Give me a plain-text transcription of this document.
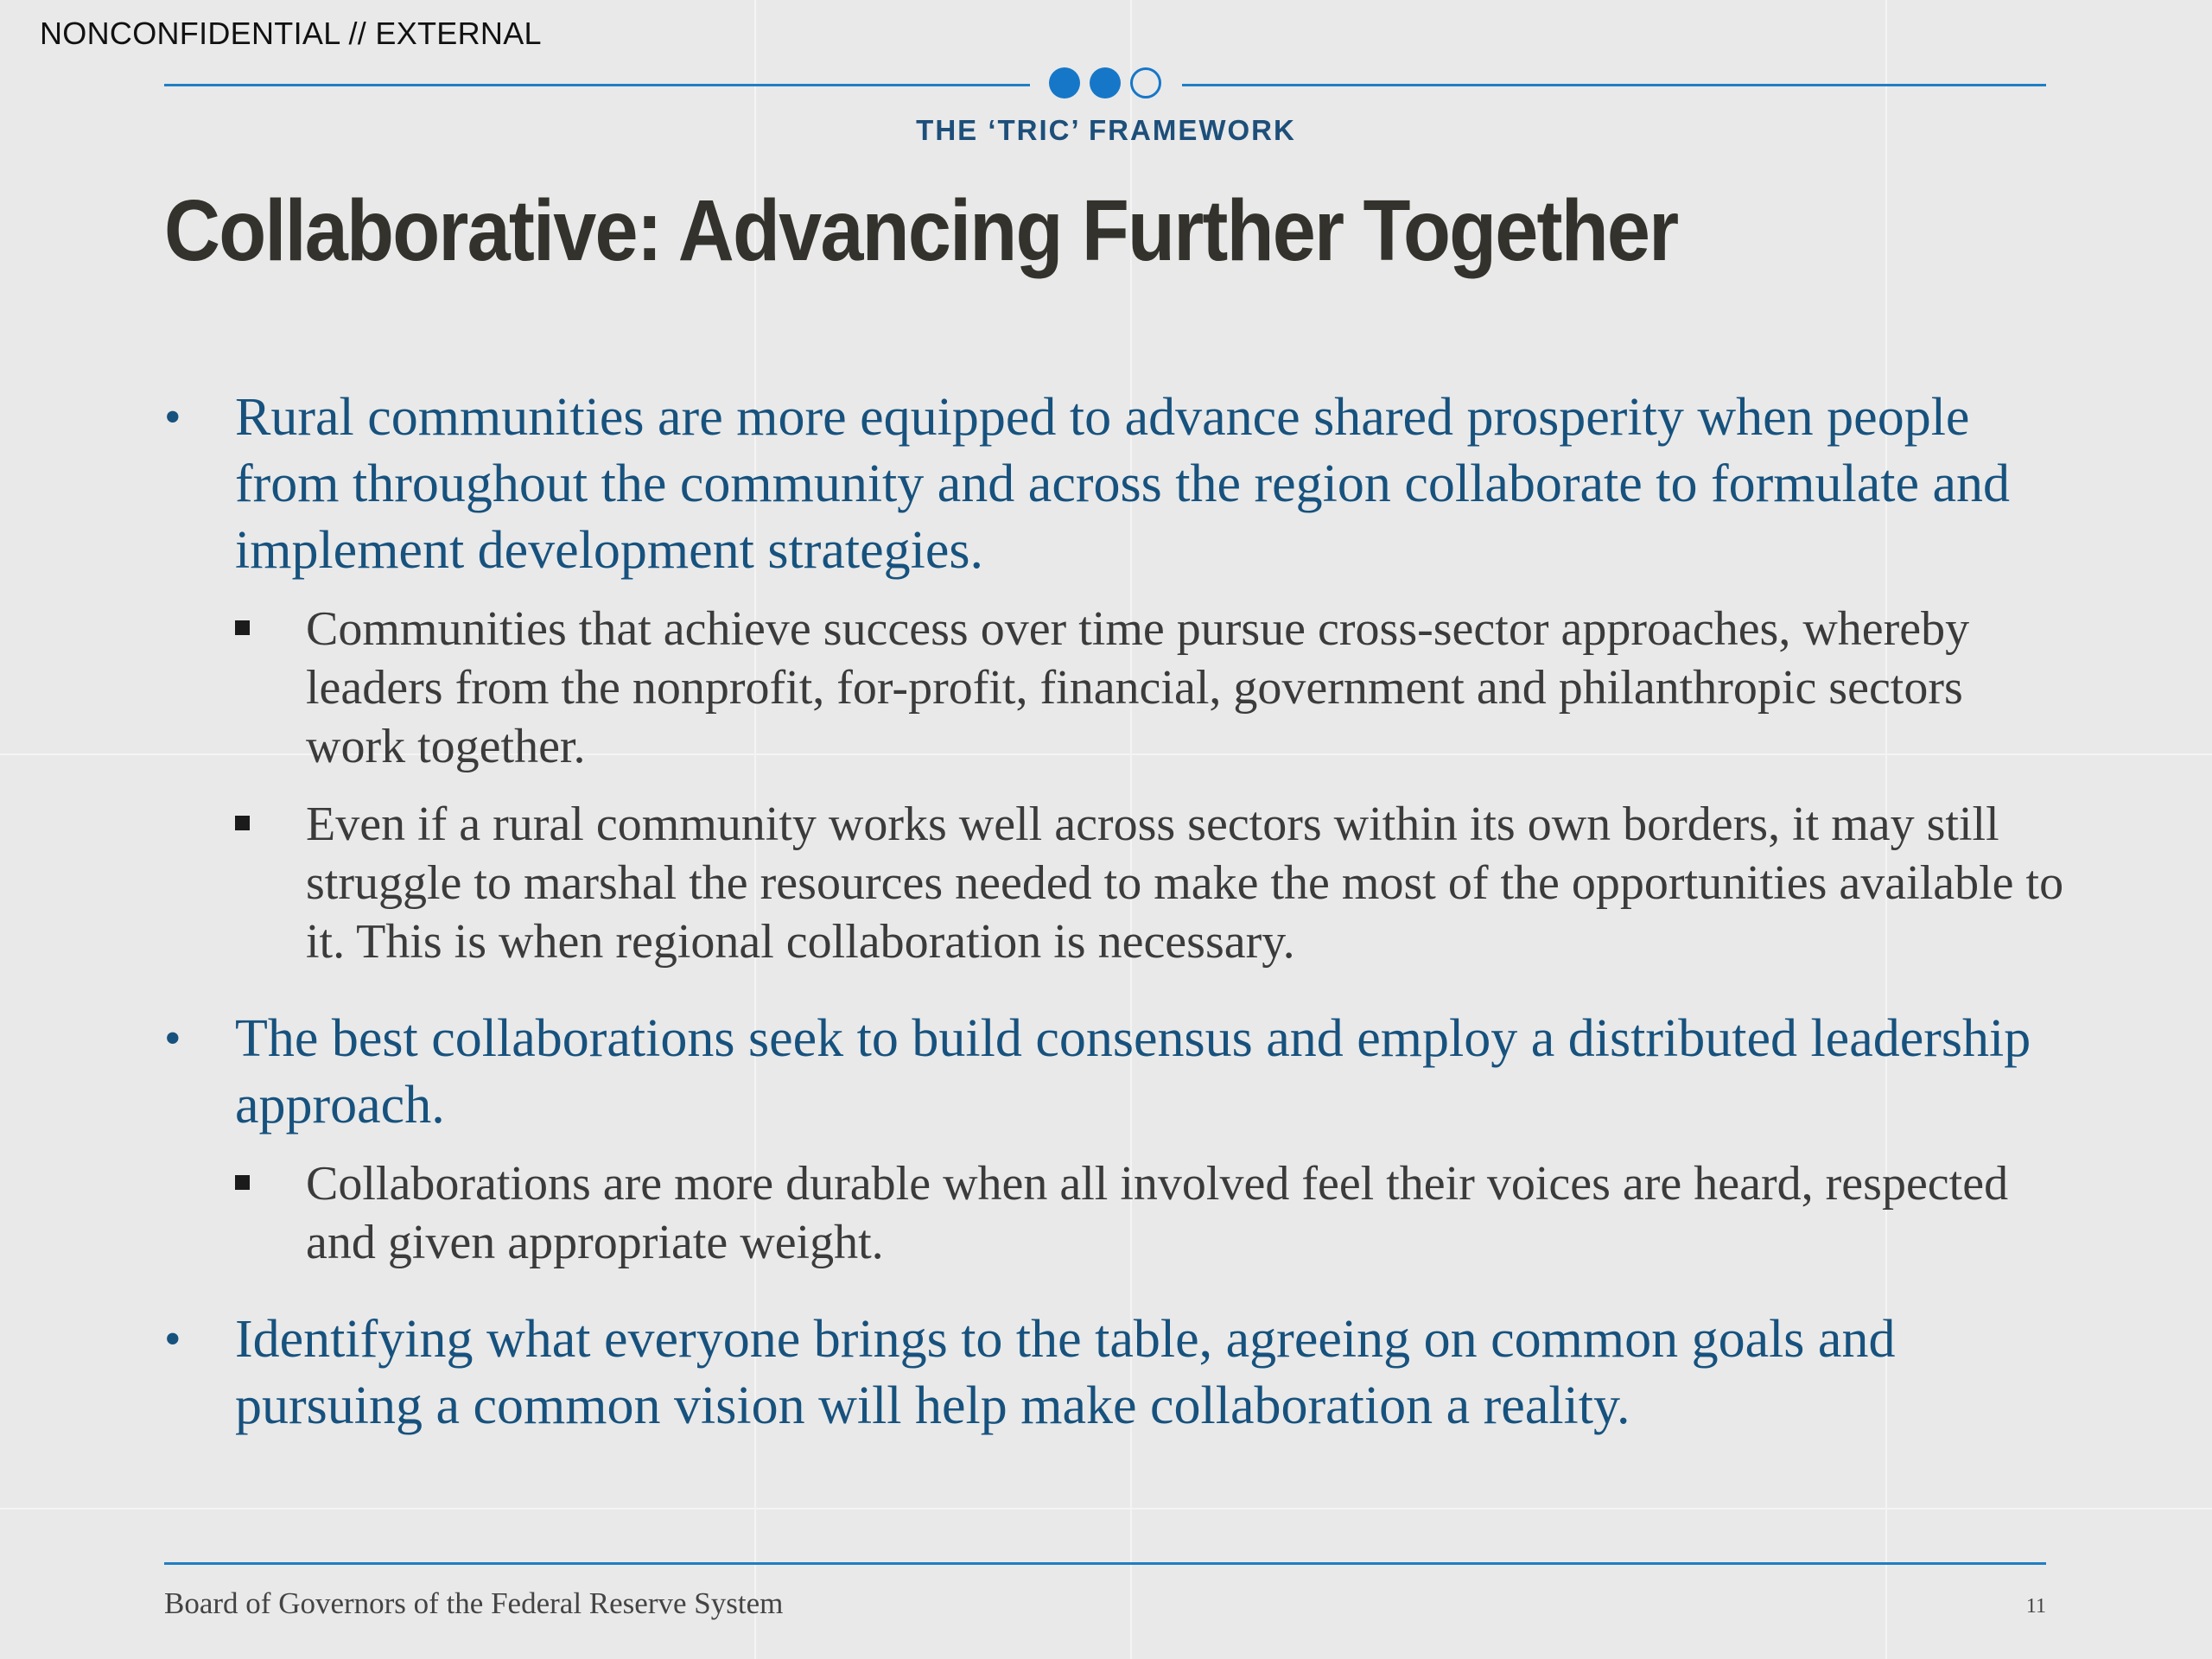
NONCONFIDENTIAL // EXTERNAL
THE ‘TRIC’ FRAMEWORK
Collaborative: Advancing Further Together
• Rural communities are more equipped to advance shared prosperity when people from throughout the community and across the region collaborate to formulate and implement development strategies.
Communities that achieve success over time pursue cross-sector approaches, whereby leaders from the nonprofit, for-profit, financial, government and philanthropic sectors work together.
Even if a rural community works well across sectors within its own borders, it may still struggle to marshal the resources needed to make the most of the opportunities available to it. This is when regional collaboration is necessary.
• The best collaborations seek to build consensus and employ a distributed leadership approach.
Collaborations are more durable when all involved feel their voices are heard, respected and given appropriate weight.
• Identifying what everyone brings to the table, agreeing on common goals and pursuing a common vision will help make collaboration a reality.
Board of Governors of the Federal Reserve System	11
